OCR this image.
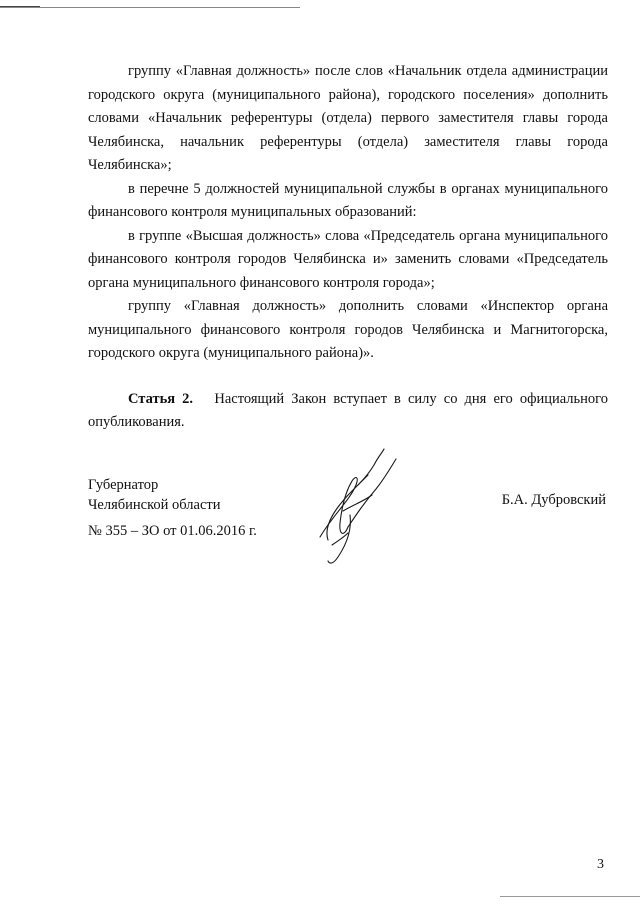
группу «Главная должность» после слов «Начальник отдела администрации городского округа (муниципального района), городского поселения» дополнить словами «Начальник референтуры (отдела) первого заместителя главы города Челябинска, начальник референтуры (отдела) заместителя главы города Челябинска»;

в перечне 5 должностей муниципальной службы в органах муниципального финансового контроля муниципальных образований:

в группе «Высшая должность» слова «Председатель органа муниципального финансового контроля городов Челябинска и» заменить словами «Председатель органа муниципального финансового контроля города»;

группу «Главная должность» дополнить словами «Инспектор органа муниципального финансового контроля городов Челябинска и Магнитогорска, городского округа (муниципального района)».

Статья 2. Настоящий Закон вступает в силу со дня его официального опубликования.

Губернатор

Челябинской области

№ 355 – ЗО от 01.06.2016 г.
Б.А. Дубровский
3
